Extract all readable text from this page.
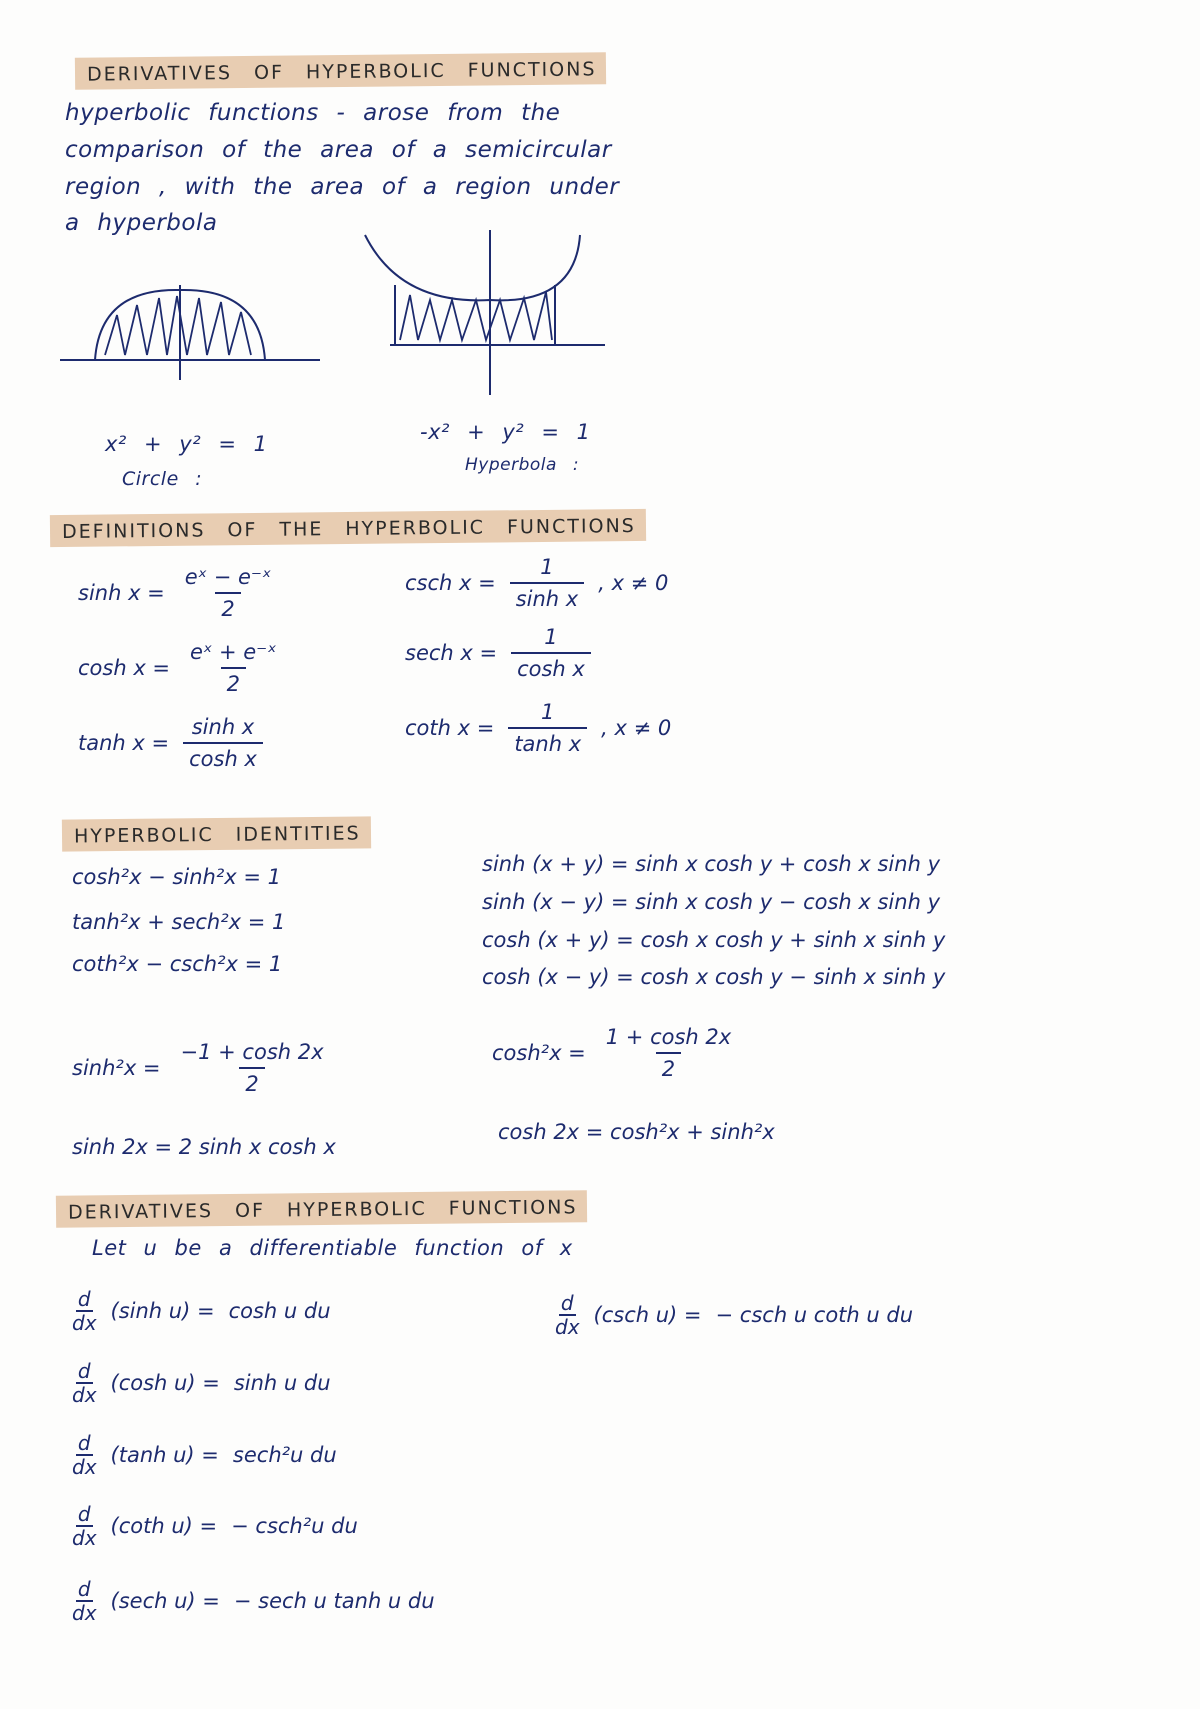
DERIVATIVES OF HYPERBOLIC FUNCTIONS
hyperbolic functions - arose from the
comparison of the area of a semicircular
region , with the area of a region under
a hyperbola
x² + y² = 1
Circle :
-x² + y² = 1
Hyperbola :
DEFINITIONS OF THE HYPERBOLIC FUNCTIONS
$\sinh x = \frac{\text{eˣ − e⁻ˣ}}{2}$
$\cosh x = \frac{\text{eˣ + e⁻ˣ}}{2}$
$\tanh x = \frac{\text{sinh x}}{\text{cosh x}}$
csch $x = \frac{1}{\text{sinh x}}$ , x ≠ 0
sech $x = \frac{1}{\text{cosh x}}$
coth $x = \frac{1}{\text{tanh x}}$ , x ≠ 0
HYPERBOLIC IDENTITIES
cosh²x − sinh²x = 1
tanh²x + sech²x = 1
coth²x − csch²x = 1
sinh (x + y) = sinh x cosh y + cosh x sinh y
sinh (x − y) = sinh x cosh y − cosh x sinh y
cosh (x + y) = cosh x cosh y + sinh x sinh y
cosh (x − y) = cosh x cosh y − sinh x sinh y
$\sinh^2x = \frac{-1 + \cosh 2x}{2}$	$\cosh^2x = \frac{1 + \cosh 2x}{2}$
sinh 2x = 2 sinh x cosh x
cosh 2x = cosh²x + sinh²x
DERIVATIVES OF HYPERBOLIC FUNCTIONS
Let u be a differentiable function of x
d
dx (sinh u) = cosh u du
d
dx (cosh u) = sinh u du
d
dx (tanh u) = sech²u du
d
dx (coth u) = − csch²u du
d
dx (sech u) = − sech u tanh u du
d
dx (csch u) = − csch u coth u du
